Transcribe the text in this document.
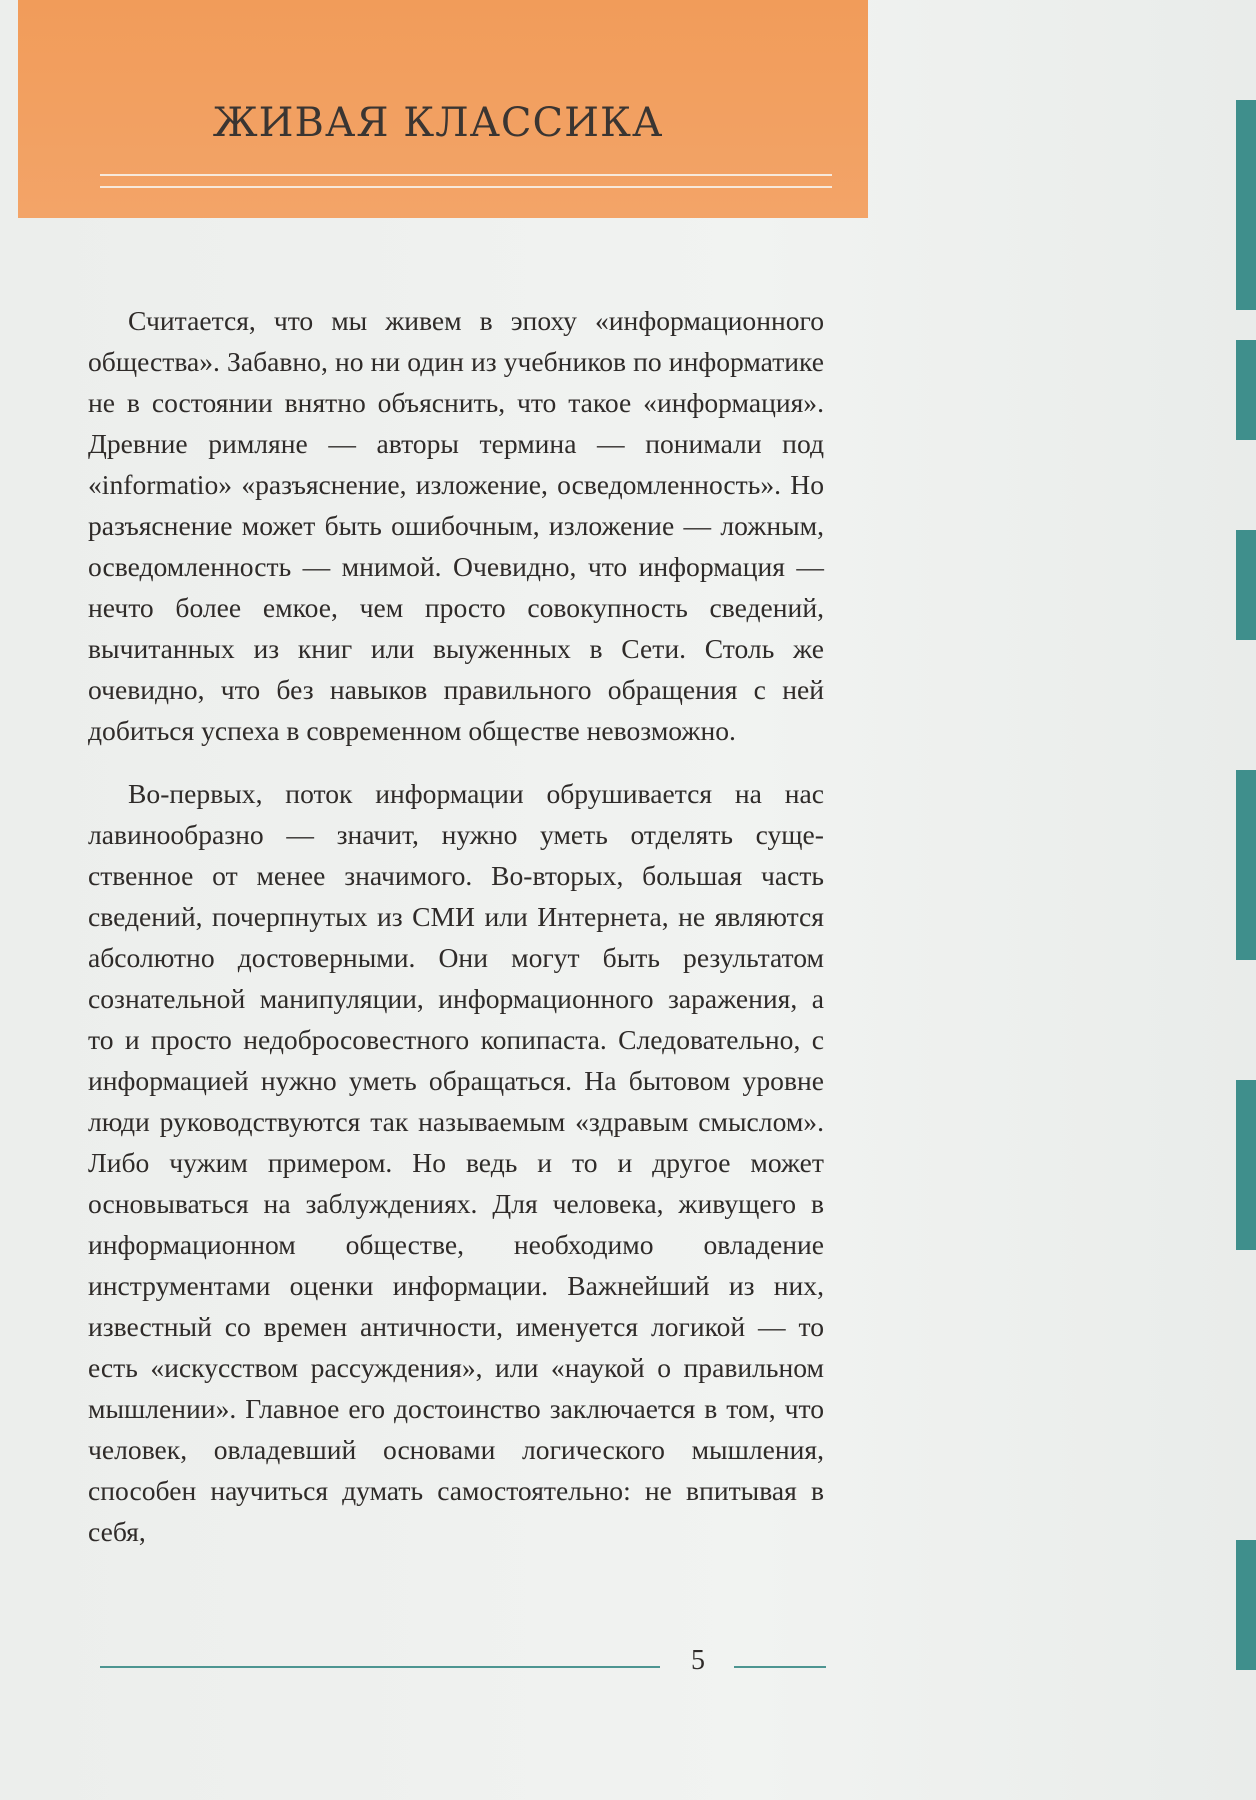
ЖИВАЯ КЛАССИКА

Считается, что мы живем в эпоху «информационного общества». Забавно, но ни один из учебников по информатике не в состоянии внятно объяснить, что такое «информация». Древние римляне — авторы термина — понимали под «informatio» «разъяснение, изложение, осведомленность». Но разъяснение может быть ошибочным, изложение — ложным, осведомленность — мнимой. Очевидно, что информация — нечто более емкое, чем просто совокупность сведений, вычитанных из книг или выуженных в Сети. Столь же очевидно, что без навыков правильного обращения с ней добиться успеха в современном обществе невозможно.

Во-первых, поток информации обрушивается на нас лавинообразно — значит, нужно уметь отделять существенное от менее значимого. Во-вторых, большая часть сведений, почерпнутых из СМИ или Интернета, не являются абсолютно достоверными. Они могут быть результатом сознательной манипуляции, информационного заражения, а то и просто недобросовестного копипаста. Следовательно, с информацией нужно уметь обращаться. На бытовом уровне люди руководствуются так называемым «здравым смыслом». Либо чужим примером. Но ведь и то и другое может основываться на заблуждениях. Для человека, живущего в информационном обществе, необходимо овладение инструментами оценки информации. Важнейший из них, известный со времен античности, именуется логикой — то есть «искусством рассуждения», или «наукой о правильном мышлении». Главное его достоинство заключается в том, что человек, овладевший основами логического мышления, способен научиться думать самостоятельно: не впитывая в себя,

5
